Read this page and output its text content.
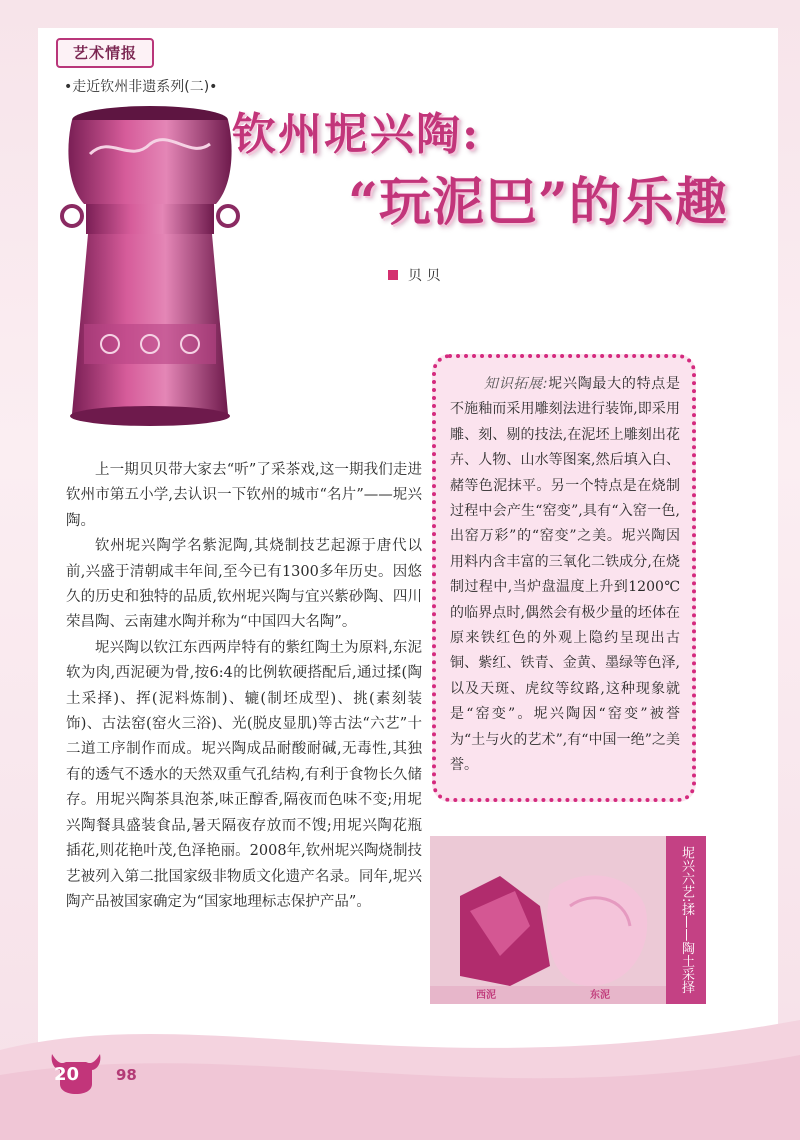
艺术情报
•走近钦州非遗系列(二)•
钦州坭兴陶:
“玩泥巴”的乐趣
贝 贝

上一期贝贝带大家去“听”了采茶戏,这一期我们走进钦州市第五小学,去认识一下钦州的城市“名片”——坭兴陶。

钦州坭兴陶学名紫泥陶,其烧制技艺起源于唐代以前,兴盛于清朝咸丰年间,至今已有1300多年历史。因悠久的历史和独特的品质,钦州坭兴陶与宜兴紫砂陶、四川荣昌陶、云南建水陶并称为“中国四大名陶”。

坭兴陶以钦江东西两岸特有的紫红陶土为原料,东泥软为肉,西泥硬为骨,按6:4的比例软硬搭配后,通过揉(陶土采择)、挥(泥料炼制)、辘(制坯成型)、挑(素刻装饰)、古法窑(窑火三浴)、光(脱皮显肌)等古法“六艺”十二道工序制作而成。坭兴陶成品耐酸耐碱,无毒性,其独有的透气不透水的天然双重气孔结构,有利于食物长久储存。用坭兴陶茶具泡茶,味正醇香,隔夜而色味不变;用坭兴陶餐具盛装食品,暑天隔夜存放而不馊;用坭兴陶花瓶插花,则花艳叶茂,色泽艳丽。2008年,钦州坭兴陶烧制技艺被列入第二批国家级非物质文化遗产名录。同年,坭兴陶产品被国家确定为“国家地理标志保护产品”。

知识拓展:坭兴陶最大的特点是不施釉而采用雕刻法进行装饰,即采用雕、刻、剔的技法,在泥坯上雕刻出花卉、人物、山水等图案,然后填入白、赭等色泥抹平。另一个特点是在烧制过程中会产生“窑变”,具有“入窑一色,出窑万彩”的“窑变”之美。坭兴陶因用料内含丰富的三氧化二铁成分,在烧制过程中,当炉盘温度上升到1200℃的临界点时,偶然会有极少量的坯体在原来铁红色的外观上隐约呈现出古铜、紫红、铁青、金黄、墨绿等色泽,以及天斑、虎纹等纹路,这种现象就是“窑变”。坭兴陶因“窑变”被誉为“土与火的艺术”,有“中国一绝”之美誉。

坭兴六艺:揉——陶土采择
西泥	东泥
20 98
